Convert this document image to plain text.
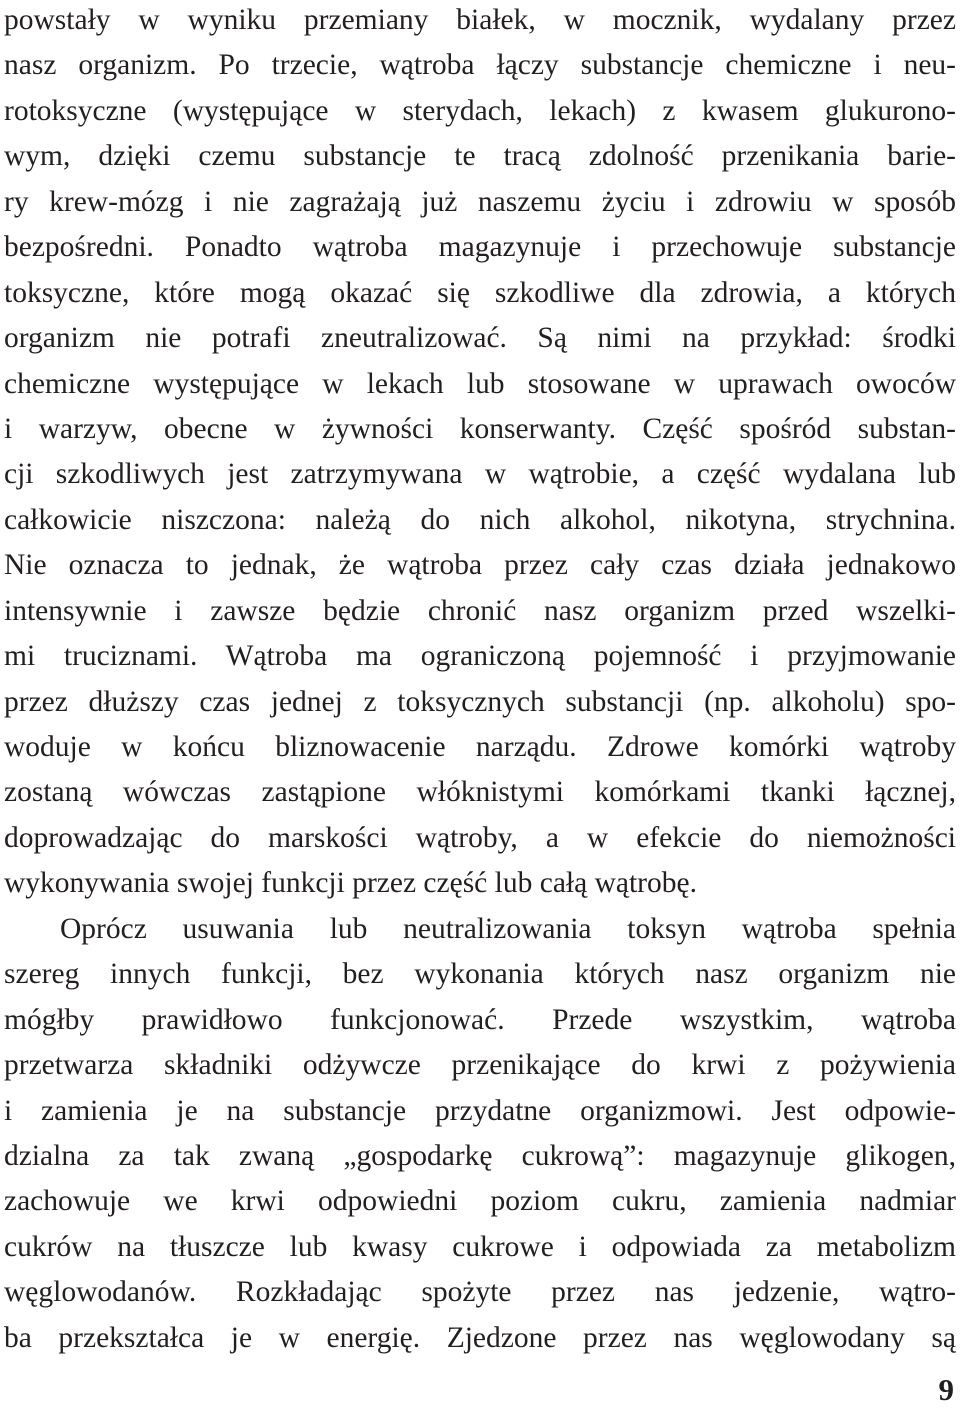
powstały w wyniku przemiany białek, w mocznik, wydalany przez
nasz organizm. Po trzecie, wątroba łączy substancje chemiczne i neu-
rotoksyczne (występujące w sterydach, lekach) z kwasem glukurono-
wym, dzięki czemu substancje te tracą zdolność przenikania barie-
ry krew-mózg i nie zagrażają już naszemu życiu i zdrowiu w sposób
bezpośredni. Ponadto wątroba magazynuje i przechowuje substancje
toksyczne, które mogą okazać się szkodliwe dla zdrowia, a których
organizm nie potrafi zneutralizować. Są nimi na przykład: środki
chemiczne występujące w lekach lub stosowane w uprawach owoców
i warzyw, obecne w żywności konserwanty. Część spośród substan-
cji szkodliwych jest zatrzymywana w wątrobie, a część wydalana lub
całkowicie niszczona: należą do nich alkohol, nikotyna, strychnina.
Nie oznacza to jednak, że wątroba przez cały czas działa jednakowo
intensywnie i zawsze będzie chronić nasz organizm przed wszelki-
mi truciznami. Wątroba ma ograniczoną pojemność i przyjmowanie
przez dłuższy czas jednej z toksycznych substancji (np. alkoholu) spo-
woduje w końcu bliznowacenie narządu. Zdrowe komórki wątroby
zostaną wówczas zastąpione włóknistymi komórkami tkanki łącznej,
doprowadzając do marskości wątroby, a w efekcie do niemożności
wykonywania swojej funkcji przez część lub całą wątrobę.
Oprócz usuwania lub neutralizowania toksyn wątroba spełnia
szereg innych funkcji, bez wykonania których nasz organizm nie
mógłby prawidłowo funkcjonować. Przede wszystkim, wątroba
przetwarza składniki odżywcze przenikające do krwi z pożywienia
i zamienia je na substancje przydatne organizmowi. Jest odpowie-
dzialna za tak zwaną „gospodarkę cukrową”: magazynuje glikogen,
zachowuje we krwi odpowiedni poziom cukru, zamienia nadmiar
cukrów na tłuszcze lub kwasy cukrowe i odpowiada za metabolizm
węglowodanów. Rozkładając spożyte przez nas jedzenie, wątro-
ba przekształca je w energię. Zjedzone przez nas węglowodany są
9
